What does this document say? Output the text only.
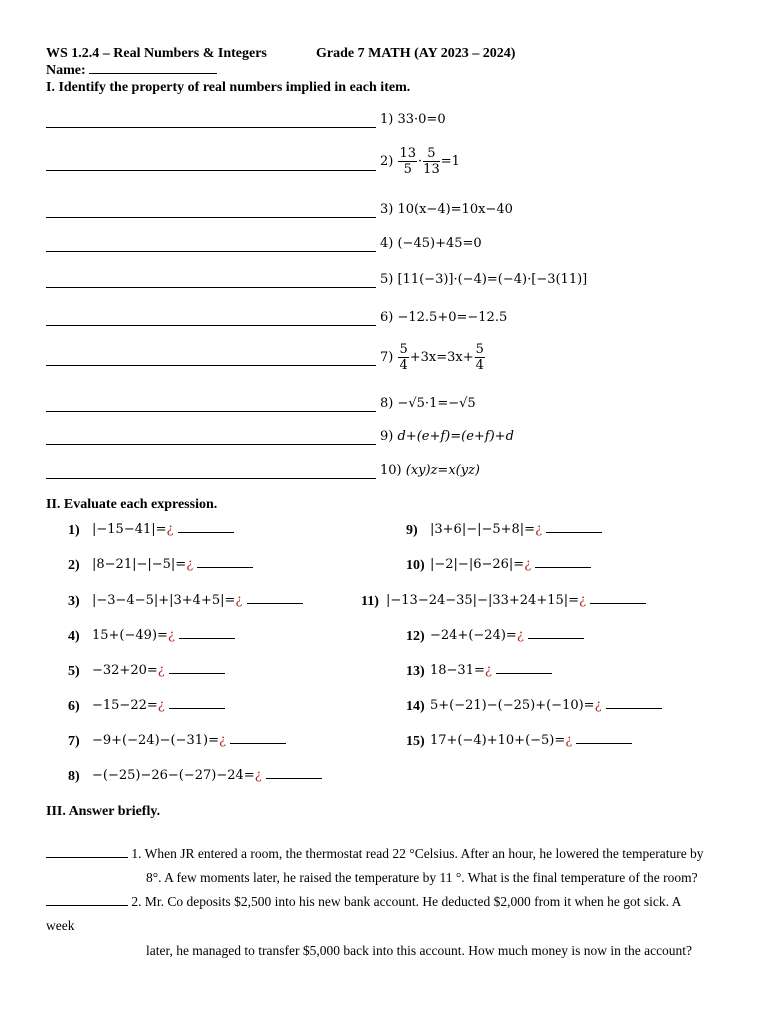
WS 1.2.4 – Real Numbers & Integers	Grade 7 MATH (AY 2023 – 2024)
Name:
I. Identify the property of real numbers implied in each item.
1) 33·0=0
$2) \frac{13}{5} \cdot \frac{5}{13} =1$
3) 10(x−4)=10x−40
4) (−45)+45=0
5) [11(−3)]·(−4)=(−4)·[−3(11)]
6) −12.5+0=−12.5
$7) \frac{5}{4} +3x=3x+ \frac{5}{4}$
8) −√5·1=−√5
9) d+(e+f)=(e+f)+d
10) (xy)z=x(yz)
II. Evaluate each expression.
1) |−15−41|=¿
2) |8−21|−|−5|=¿
3) |−3−4−5|+|3+4+5|=¿
4) 15+(−49)=¿
5) −32+20=¿
6) −15−22=¿
7) −9+(−24)−(−31)=¿
8) −(−25)−26−(−27)−24=¿
9) |3+6|−|−5+8|=¿
10) |−2|−|6−26|=¿
11) |−13−24−35|−|33+24+15|=¿
12) −24+(−24)=¿
13) 18−31=¿
14) 5+(−21)−(−25)+(−10)=¿
15) 17+(−4)+10+(−5)=¿
III. Answer briefly.
1. When JR entered a room, the thermostat read 22 °Celsius. After an hour, he lowered the temperature by
8°. A few moments later, he raised the temperature by 11 °. What is the final temperature of the room?
2. Mr. Co deposits $2,500 into his new bank account. He deducted $2,000 from it when he got sick. A
week
later, he managed to transfer $5,000 back into this account. How much money is now in the account?
